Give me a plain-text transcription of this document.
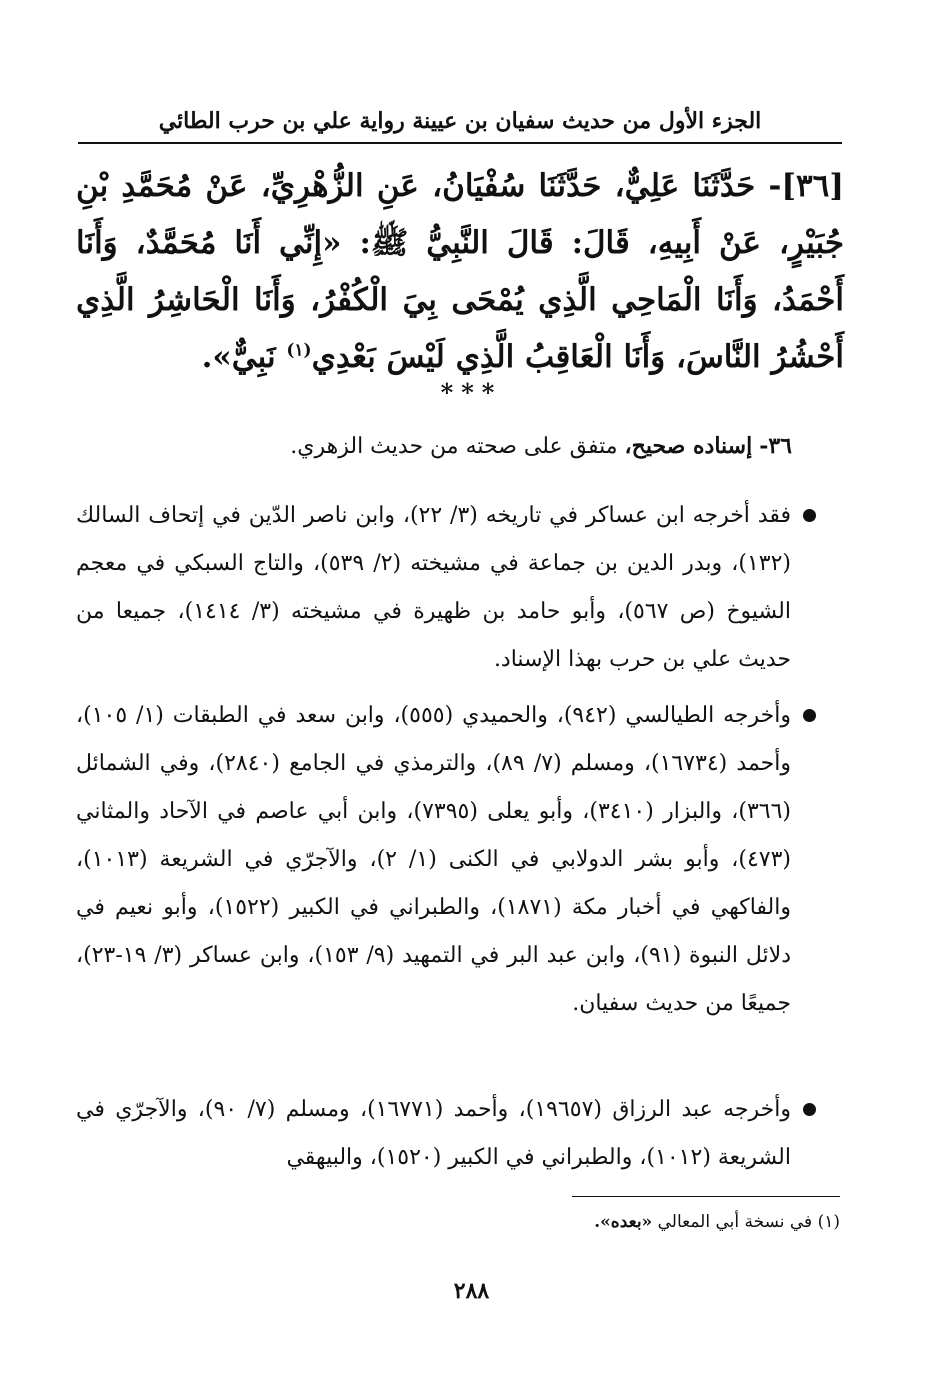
الجزء الأول من حديث سفيان بن عيينة رواية علي بن حرب الطائي
[٣٦]- حَدَّثَنَا عَلِيٌّ، حَدَّثَنَا سُفْيَانُ، عَنِ الزُّهْرِيِّ، عَنْ مُحَمَّدِ بْنِ جُبَيْرٍ، عَنْ أَبِيهِ، قَالَ: قَالَ النَّبِيُّ ﷺ: «إِنِّي أَنَا مُحَمَّدٌ، وَأَنَا أَحْمَدُ، وَأَنَا الْمَاحِي الَّذِي يُمْحَى بِيَ الْكُفْرُ، وَأَنَا الْحَاشِرُ الَّذِي أَحْشُرُ النَّاسَ، وَأَنَا الْعَاقِبُ الَّذِي لَيْسَ بَعْدِي$^{(١)}$ نَبِيٌّ».
***
٣٦- إسناده صحيح، متفق على صحته من حديث الزهري.
فقد أخرجه ابن عساكر في تاريخه (٣/ ٢٢)، وابن ناصر الدّين في إتحاف السالك (١٣٢)، وبدر الدين بن جماعة في مشيخته (٢/ ٥٣٩)، والتاج السبكي في معجم الشيوخ (ص ٥٦٧)، وأبو حامد بن ظهيرة في مشيخته (٣/ ١٤١٤)، جميعا من حديث علي بن حرب بهذا الإسناد.
وأخرجه الطيالسي (٩٤٢)، والحميدي (٥٥٥)، وابن سعد في الطبقات (١/ ١٠٥)، وأحمد (١٦٧٣٤)، ومسلم (٧/ ٨٩)، والترمذي في الجامع (٢٨٤٠)، وفي الشمائل (٣٦٦)، والبزار (٣٤١٠)، وأبو يعلى (٧٣٩٥)، وابن أبي عاصم في الآحاد والمثاني (٤٧٣)، وأبو بشر الدولابي في الكنى (١/ ٢)، والآجرّي في الشريعة (١٠١٣)، والفاكهي في أخبار مكة (١٨٧١)، والطبراني في الكبير (١٥٢٢)، وأبو نعيم في دلائل النبوة (٩١)، وابن عبد البر في التمهيد (٩/ ١٥٣)، وابن عساكر (٣/ ١٩-٢٣)، جميعًا من حديث سفيان.
وأخرجه عبد الرزاق (١٩٦٥٧)، وأحمد (١٦٧٧١)، ومسلم (٧/ ٩٠)، والآجرّي في الشريعة (١٠١٢)، والطبراني في الكبير (١٥٢٠)، والبيهقي
(١) في نسخة أبي المعالي «بعده».
٢٨٨
